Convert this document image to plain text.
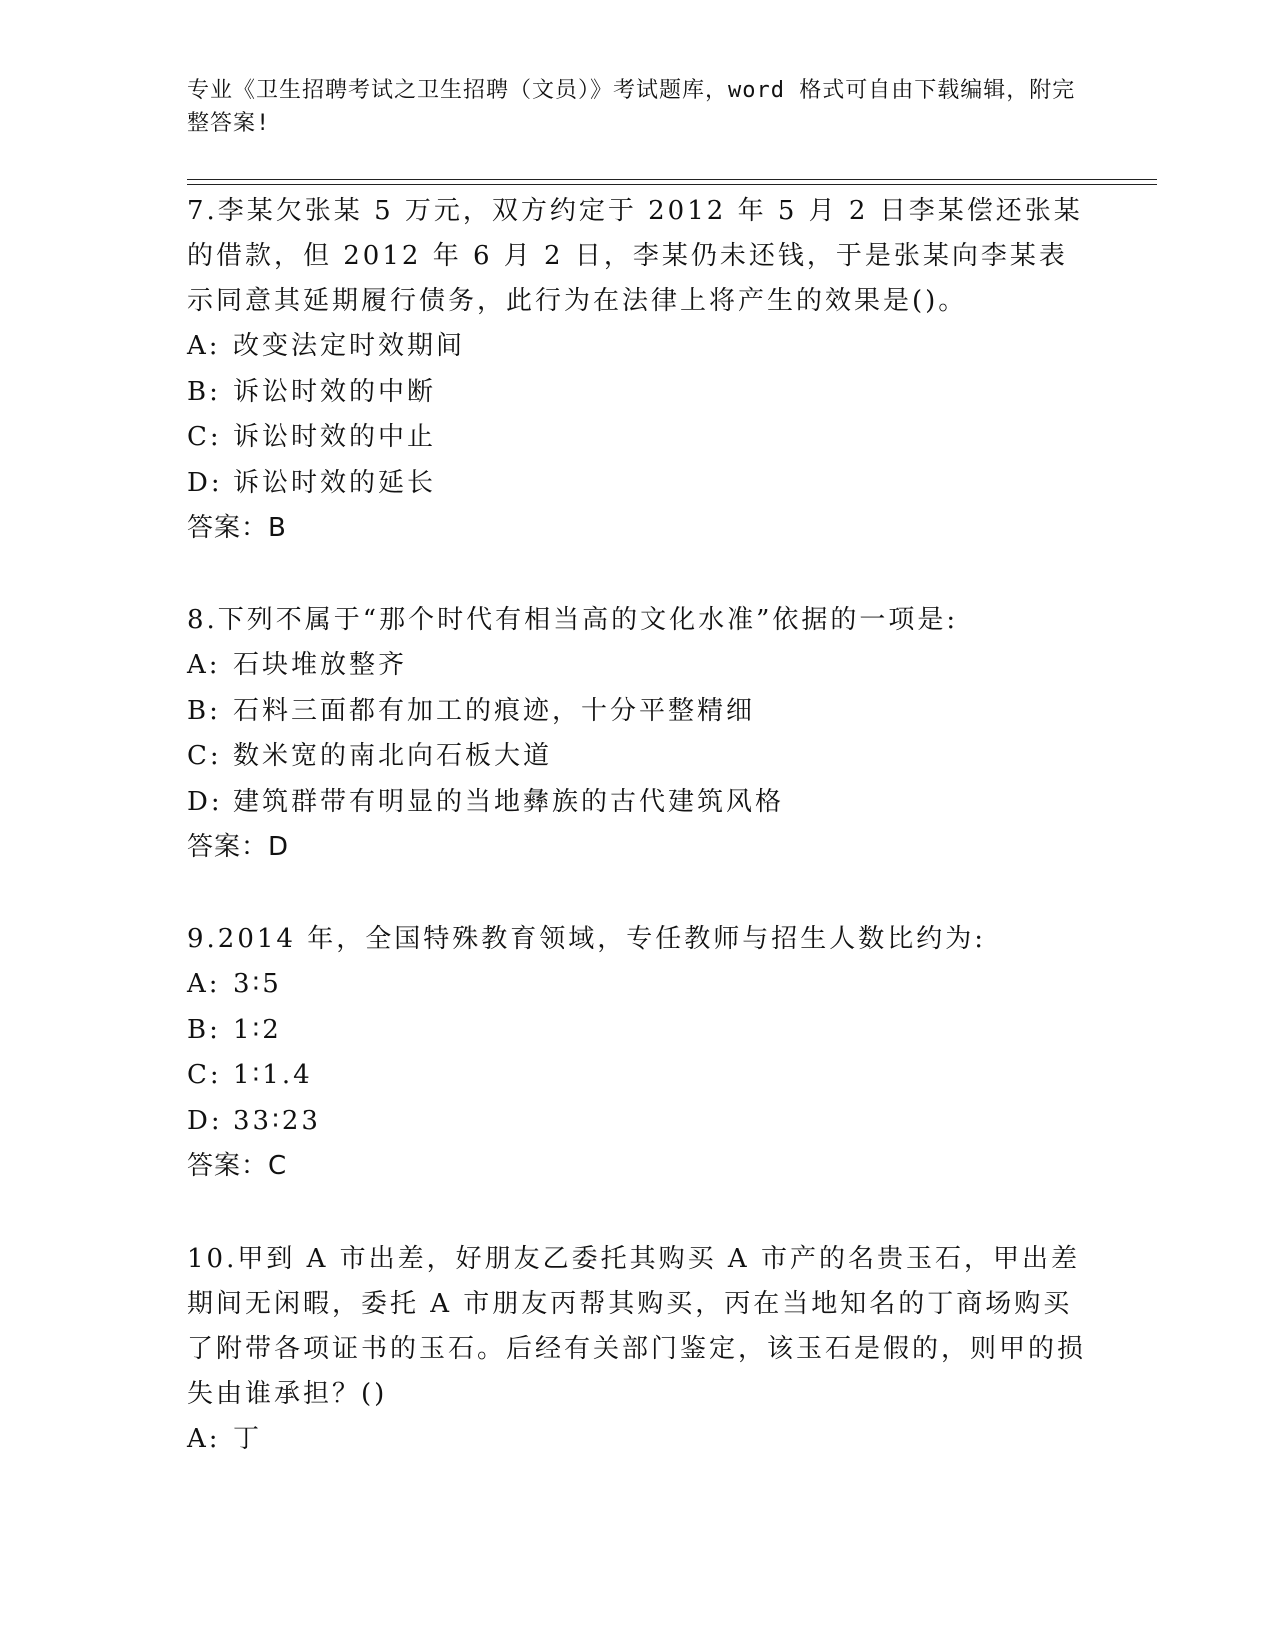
专业《卫生招聘考试之卫生招聘（文员）》考试题库，word 格式可自由下载编辑，附完整答案!

7.李某欠张某 5 万元，双方约定于 2012 年 5 月 2 日李某偿还张某的借款，但 2012 年 6 月 2 日，李某仍未还钱，于是张某向李某表示同意其延期履行债务，此行为在法律上将产生的效果是()。

A: 改变法定时效期间

B: 诉讼时效的中断

C: 诉讼时效的中止

D: 诉讼时效的延长

答案：B

8.下列不属于“那个时代有相当高的文化水准”依据的一项是:

A: 石块堆放整齐

B: 石料三面都有加工的痕迹，十分平整精细

C: 数米宽的南北向石板大道

D: 建筑群带有明显的当地彝族的古代建筑风格

答案：D

9.2014 年，全国特殊教育领域，专任教师与招生人数比约为:

A: 3∶5

B: 1∶2

C: 1∶1.4

D: 33∶23

答案：C

10.甲到 A 市出差，好朋友乙委托其购买 A 市产的名贵玉石，甲出差期间无闲暇，委托 A 市朋友丙帮其购买，丙在当地知名的丁商场购买了附带各项证书的玉石。后经有关部门鉴定，该玉石是假的，则甲的损失由谁承担？()

A: 丁
